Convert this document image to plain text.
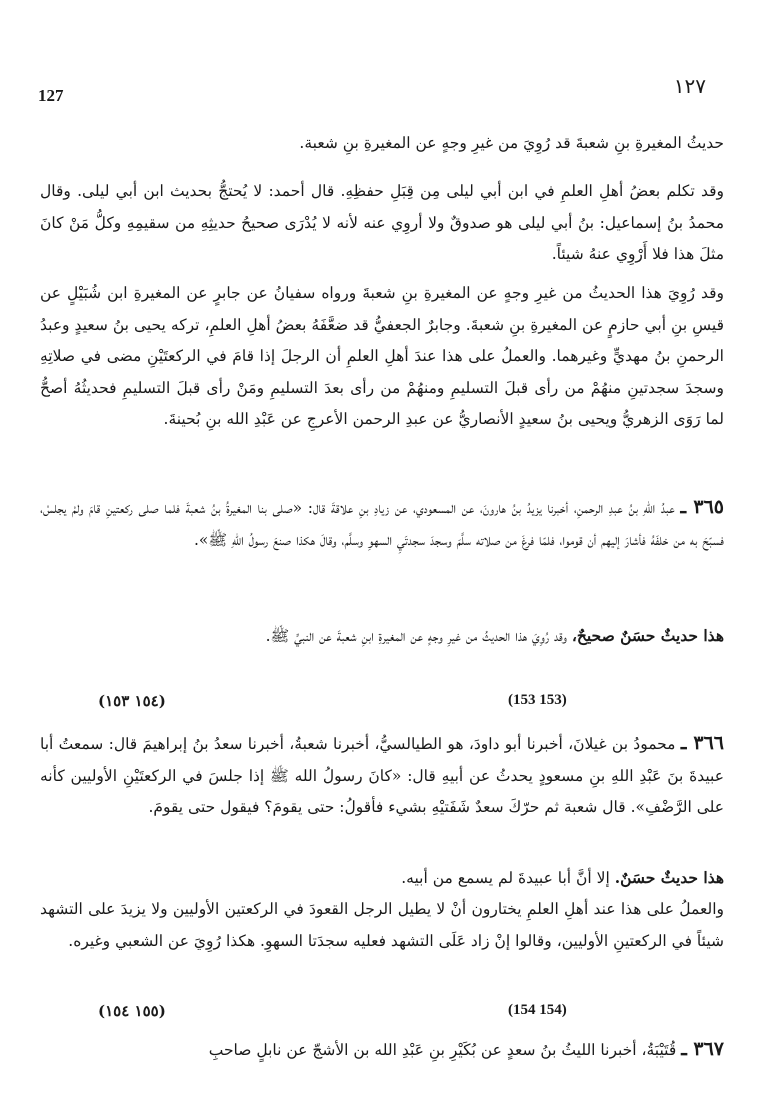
127	١٢٧
حديثُ المغيرةِ بنِ شعبةَ قد رُوِيَ من غيرِ وجهٍ عن المغيرةِ بنِ شعبة.
وقد تكلم بعضُ أهلِ العلمِ في ابن أبي ليلى مِن قِبَلِ حفظِهِ. قال أحمد: لا يُحتجُّ بحديث ابن أبي ليلى. وقال محمدُ بنُ إسماعيل: بنُ أبي ليلى هو صدوقٌ ولا أروِي عنه لأنه لا يُدْرَى صحيحُ حديثِهِ من سقيمِهِ وكلُّ مَنْ كانَ مثلَ هذا فلا أَرْوِي عنهُ شيئاً.
وقد رُوِيَ هذا الحديثُ من غيرِ وجهٍ عن المغيرةِ بنِ شعبةَ ورواه سفيانُ عن جابرٍ عن المغيرةِ ابن شُبَيْلٍ عن قيسِ بنِ أبي حازمٍ عن المغيرةِ بنِ شعبةَ. وجابرٌ الجعفيُّ قد ضعَّفَهُ بعضُ أهلِ العلمِ، تركه يحيى بنُ سعيدٍ وعبدُ الرحمنِ بنُ مهديٍّ وغيرهما. والعملُ على هذا عندَ أهلِ العلمِ أن الرجلَ إذا قامَ في الركعتَيْنِ مضى في صلاتِهِ وسجدَ سجدتينِ منهُمْ من رأى قبلَ التسليمِ ومنهُمْ من رأى بعدَ التسليمِ ومَنْ رأى قبلَ التسليمِ فحديثُهُ أصحُّ لما رَوَى الزهريُّ ويحيى بنُ سعيدٍ الأنصاريُّ عن عبدِ الرحمن الأعرجِ عن عَبْدِ الله بنِ بُحينةَ.
٣٦٥ ـ عبدُ اللهِ بنُ عبدِ الرحمنِ، أخبرنا يزيدُ بنُ هارونَ، عن المسعودي، عن زيادِ بنِ علاقةَ قال: «صلى بنا المغيرةُ بنُ شعبةَ فلما صلى ركعتينِ قامَ ولمْ يجلسْ، فسبّحَ به من خلفَهُ فأشارَ إليهم أن قوموا، فلمّا فرغَ من صلاته سلَّمَ وسجدَ سجدتَيِ السهوِ وسلَّم، وقالَ هكذا صنعَ رسولُ اللهِ ﷺ».
هذا حديثٌ حسَنٌ صحيحٌ، وقد رُوِيَ هذا الحديثُ من غيرِ وجهٍ عن المغيرةِ ابنِ شعبةَ عن النبيِّ ﷺ.
(١٥٤ ١٥٣)	(153 153)
٣٦٦ ـ محمودُ بن غيلانَ، أخبرنا أبو داودَ، هو الطيالسيُّ، أخبرنا شعبةُ، أخبرنا سعدُ بنُ إبراهيمَ قال: سمعتُ أبا عبيدةَ بنَ عَبْدِ اللهِ بنِ مسعودٍ يحدثُ عن أبيهِ قال: «كانَ رسولُ الله ﷺ إذا جلسَ في الركعتَيْنِ الأوليين كأنه على الرَّضْفِ». قال شعبة ثم حرّكَ سعدٌ شَفَتيْهِ بشيء فأقولُ: حتى يقومَ؟ فيقول حتى يقومَ.
هذا حديثٌ حسَنٌ. إلا أنَّ أبا عبيدةَ لم يسمع من أبيه.
والعملُ على هذا عند أهلِ العلمِ يختارون أنْ لا يطيل الرجل القعودَ في الركعتين الأوليين ولا يزيدَ على التشهد شيئاً في الركعتينِ الأوليين، وقالوا إنْ زاد عَلَى التشهد فعليه سجدَتا السهوِ. هكذا رُوِيَ عن الشعبي وغيره.
(١٥٥ ١٥٤)	(154 154)
٣٦٧ ـ قُتَيْبَةُ، أخبرنا الليثُ بنُ سعدٍ عن بُكَيْرِ بنِ عَبْدِ الله بن الأشجّ عن نابلٍ صاحبِ
